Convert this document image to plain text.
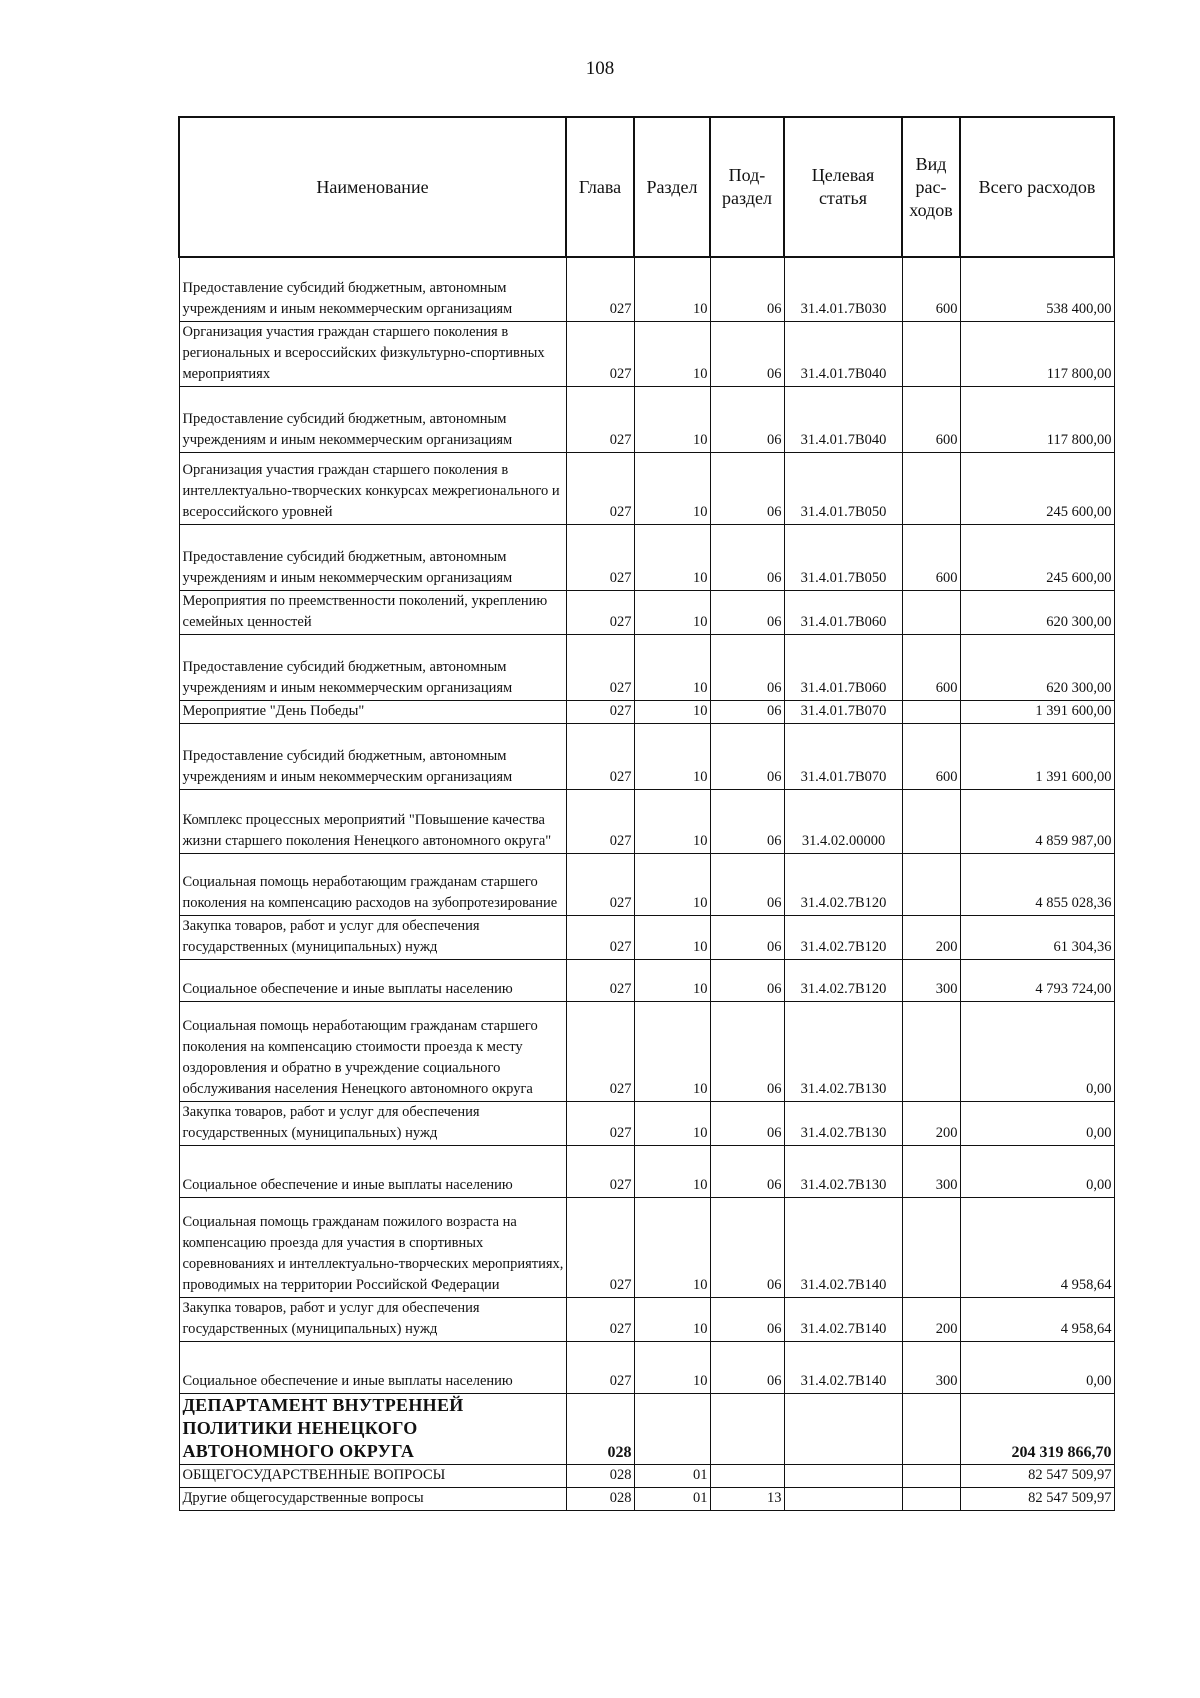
108
Наименование	Глава	Раздел	Под-раздел	Целевая статья	Вид рас-ходов	Всего расходов
Предоставление субсидий бюджетным, автономным учреждениям и иным некоммерческим организациям	027	10	06	31.4.01.7В030	600	538 400,00
Организация участия граждан старшего поколения в региональных и всероссийских физкультурно-спортивных мероприятиях	027	10	06	31.4.01.7В040		117 800,00
Предоставление субсидий бюджетным, автономным учреждениям и иным некоммерческим организациям	027	10	06	31.4.01.7В040	600	117 800,00
Организация участия граждан старшего поколения в интеллектуально-творческих конкурсах межрегионального и всероссийского уровней	027	10	06	31.4.01.7В050		245 600,00
Предоставление субсидий бюджетным, автономным учреждениям и иным некоммерческим организациям	027	10	06	31.4.01.7В050	600	245 600,00
Мероприятия по преемственности поколений, укреплению семейных ценностей	027	10	06	31.4.01.7В060		620 300,00
Предоставление субсидий бюджетным, автономным учреждениям и иным некоммерческим организациям	027	10	06	31.4.01.7В060	600	620 300,00
Мероприятие "День Победы"	027	10	06	31.4.01.7В070		1 391 600,00
Предоставление субсидий бюджетным, автономным учреждениям и иным некоммерческим организациям	027	10	06	31.4.01.7В070	600	1 391 600,00
Комплекс процессных мероприятий "Повышение качества жизни старшего поколения Ненецкого автономного округа"	027	10	06	31.4.02.00000		4 859 987,00
Социальная помощь неработающим гражданам старшего поколения на компенсацию расходов на зубопротезирование	027	10	06	31.4.02.7В120		4 855 028,36
Закупка товаров, работ и услуг для обеспечения государственных (муниципальных) нужд	027	10	06	31.4.02.7В120	200	61 304,36
Социальное обеспечение и иные выплаты населению	027	10	06	31.4.02.7В120	300	4 793 724,00
Социальная помощь неработающим гражданам старшего поколения на компенсацию стоимости проезда к месту оздоровления и обратно в учреждение социального обслуживания населения Ненецкого автономного округа	027	10	06	31.4.02.7В130		0,00
Закупка товаров, работ и услуг для обеспечения государственных (муниципальных) нужд	027	10	06	31.4.02.7В130	200	0,00
Социальное обеспечение и иные выплаты населению	027	10	06	31.4.02.7В130	300	0,00
Социальная помощь гражданам пожилого возраста на компенсацию проезда для участия в спортивных соревнованиях и интеллектуально-творческих мероприятиях, проводимых на территории Российской Федерации	027	10	06	31.4.02.7В140		4 958,64
Закупка товаров, работ и услуг для обеспечения государственных (муниципальных) нужд	027	10	06	31.4.02.7В140	200	4 958,64
Социальное обеспечение и иные выплаты населению	027	10	06	31.4.02.7В140	300	0,00
ДЕПАРТАМЕНТ ВНУТРЕННЕЙ ПОЛИТИКИ НЕНЕЦКОГО АВТОНОМНОГО ОКРУГА	028					204 319 866,70
ОБЩЕГОСУДАРСТВЕННЫЕ ВОПРОСЫ	028	01				82 547 509,97
Другие общегосударственные вопросы	028	01	13			82 547 509,97
